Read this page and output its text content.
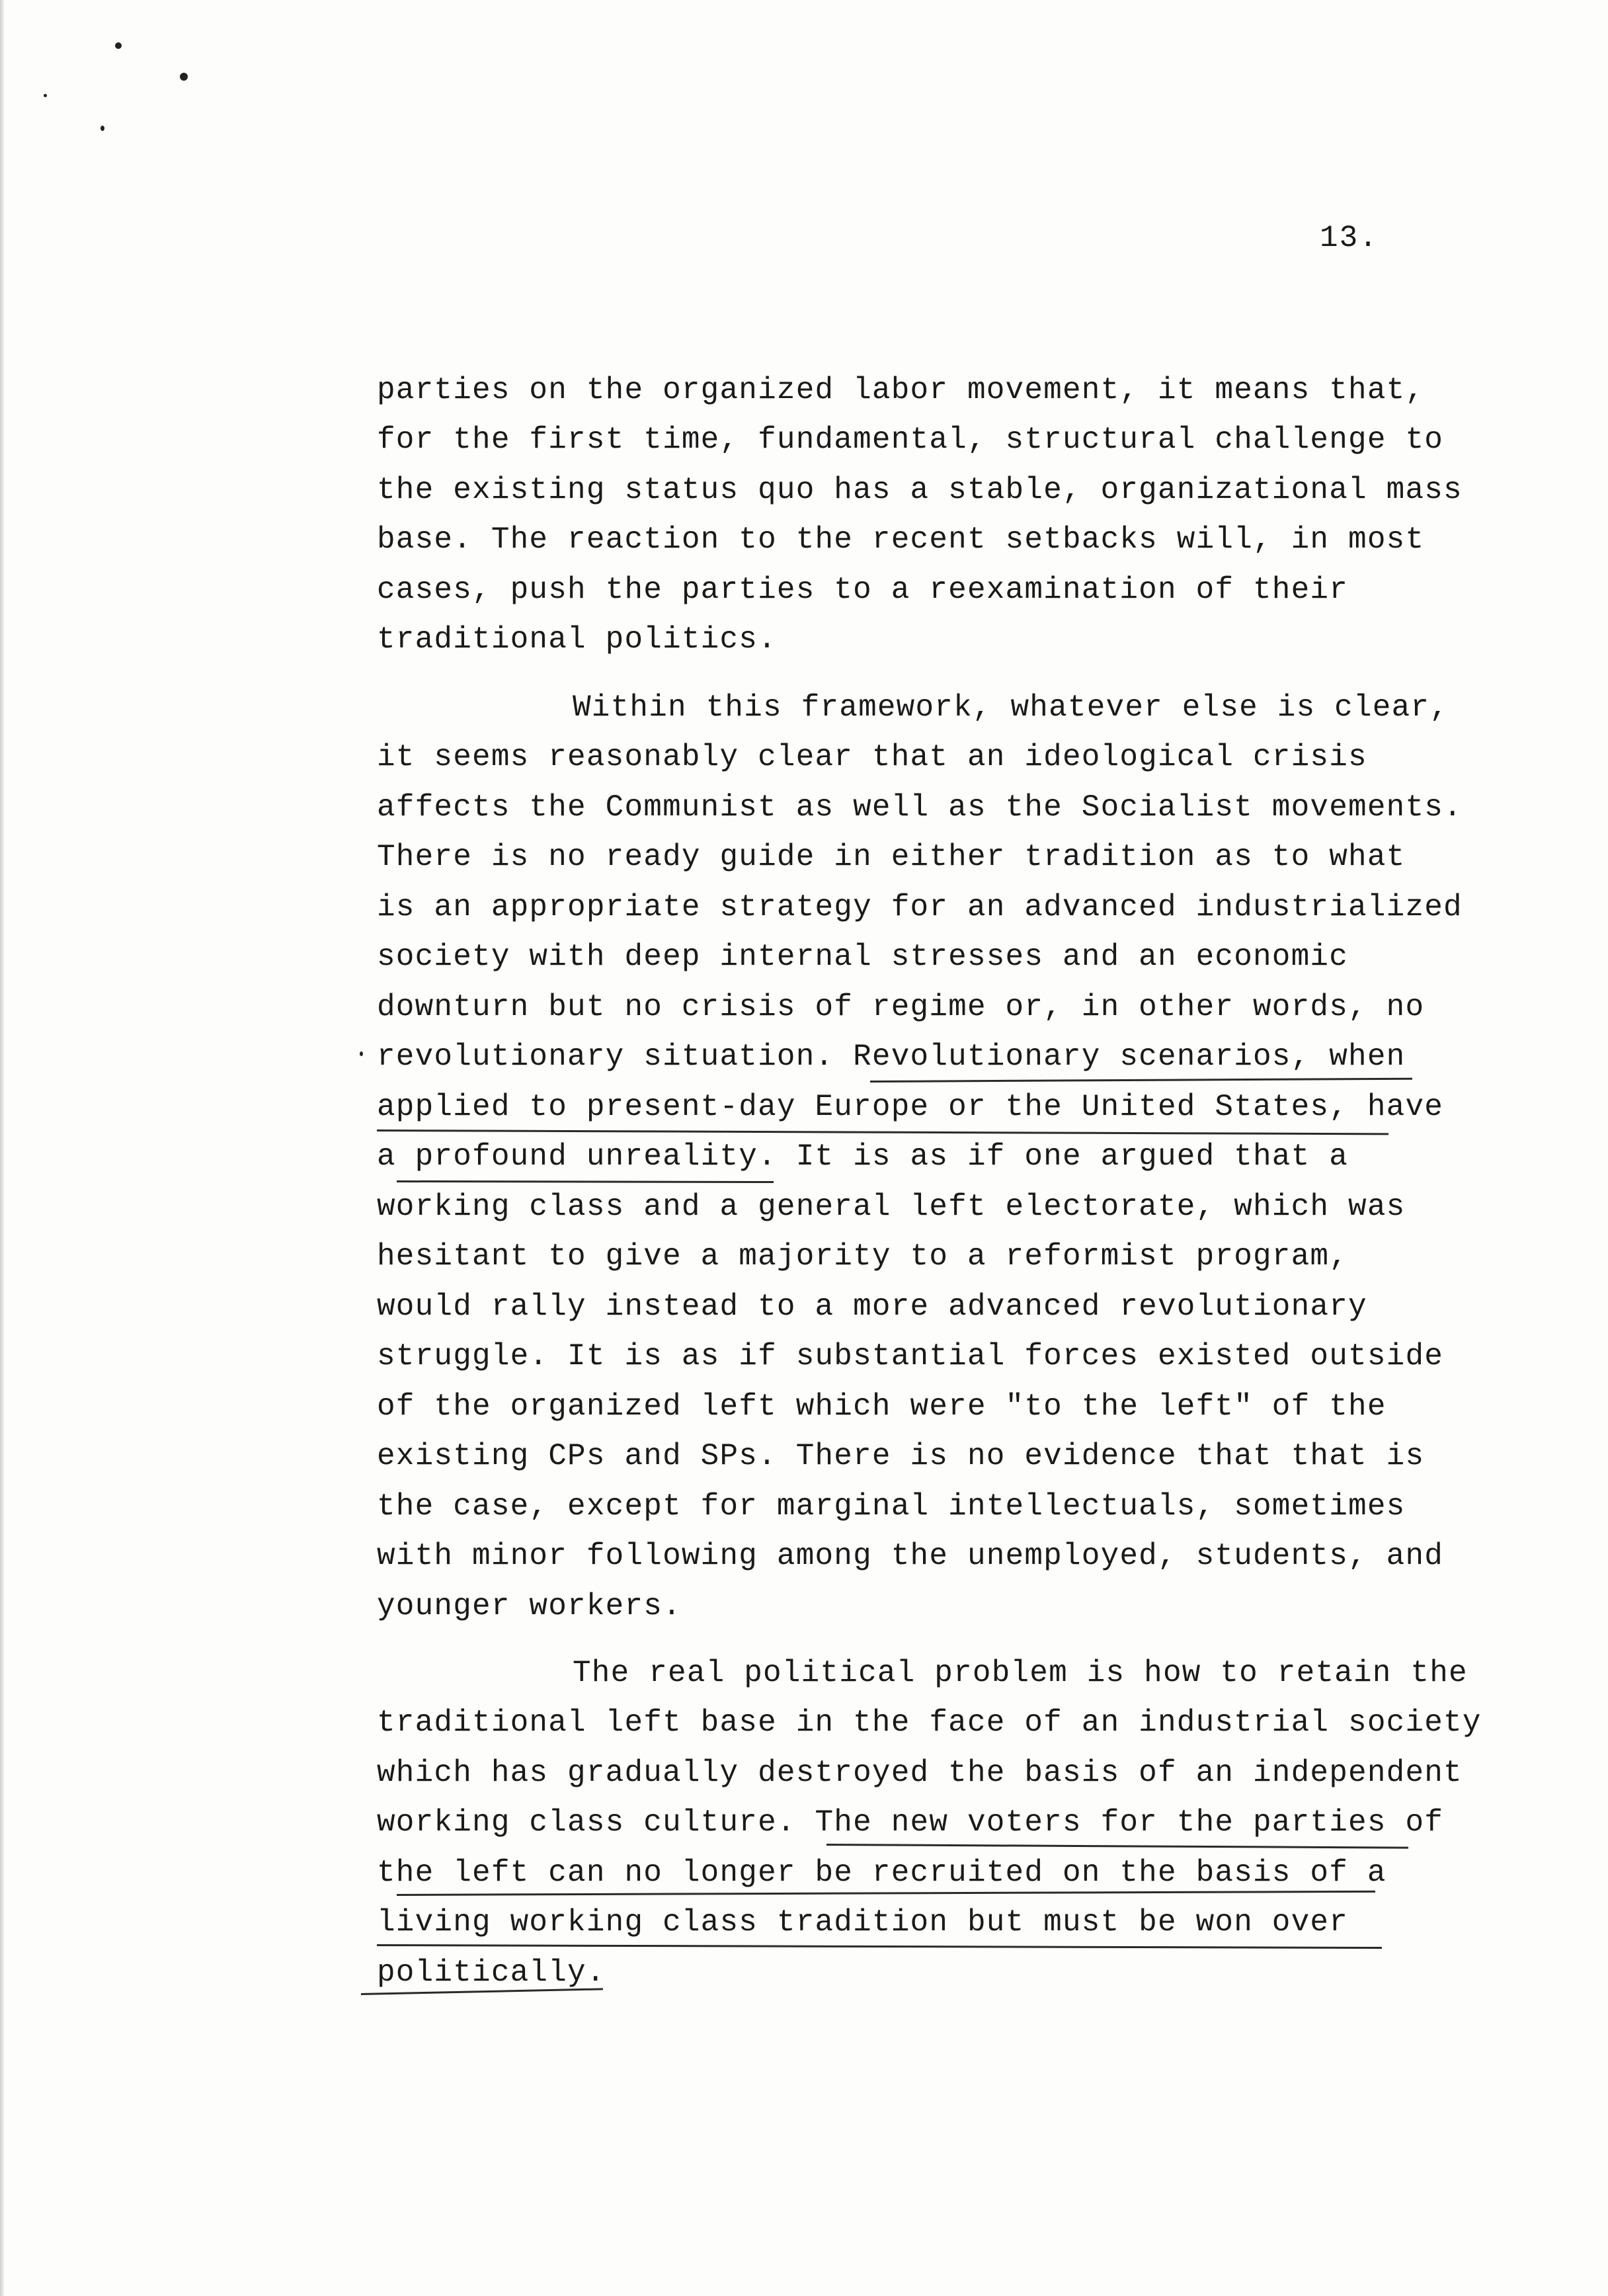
13.
parties on the organized labor movement, it means that,
for the first time, fundamental, structural challenge to
the existing status quo has a stable, organizational mass
base. The reaction to the recent setbacks will, in most
cases, push the parties to a reexamination of their
traditional politics.
Within this framework, whatever else is clear,
it seems reasonably clear that an ideological crisis
affects the Communist as well as the Socialist movements.
There is no ready guide in either tradition as to what
is an appropriate strategy for an advanced industrialized
society with deep internal stresses and an economic
downturn but no crisis of regime or, in other words, no
revolutionary situation. Revolutionary scenarios, when
applied to present-day Europe or the United States, have
a profound unreality. It is as if one argued that a
working class and a general left electorate, which was
hesitant to give a majority to a reformist program,
would rally instead to a more advanced revolutionary
struggle. It is as if substantial forces existed outside
of the organized left which were "to the left" of the
existing CPs and SPs. There is no evidence that that is
the case, except for marginal intellectuals, sometimes
with minor following among the unemployed, students, and
younger workers.
The real political problem is how to retain the
traditional left base in the face of an industrial society
which has gradually destroyed the basis of an independent
working class culture. The new voters for the parties of
the left can no longer be recruited on the basis of a
living working class tradition but must be won over
politically.
